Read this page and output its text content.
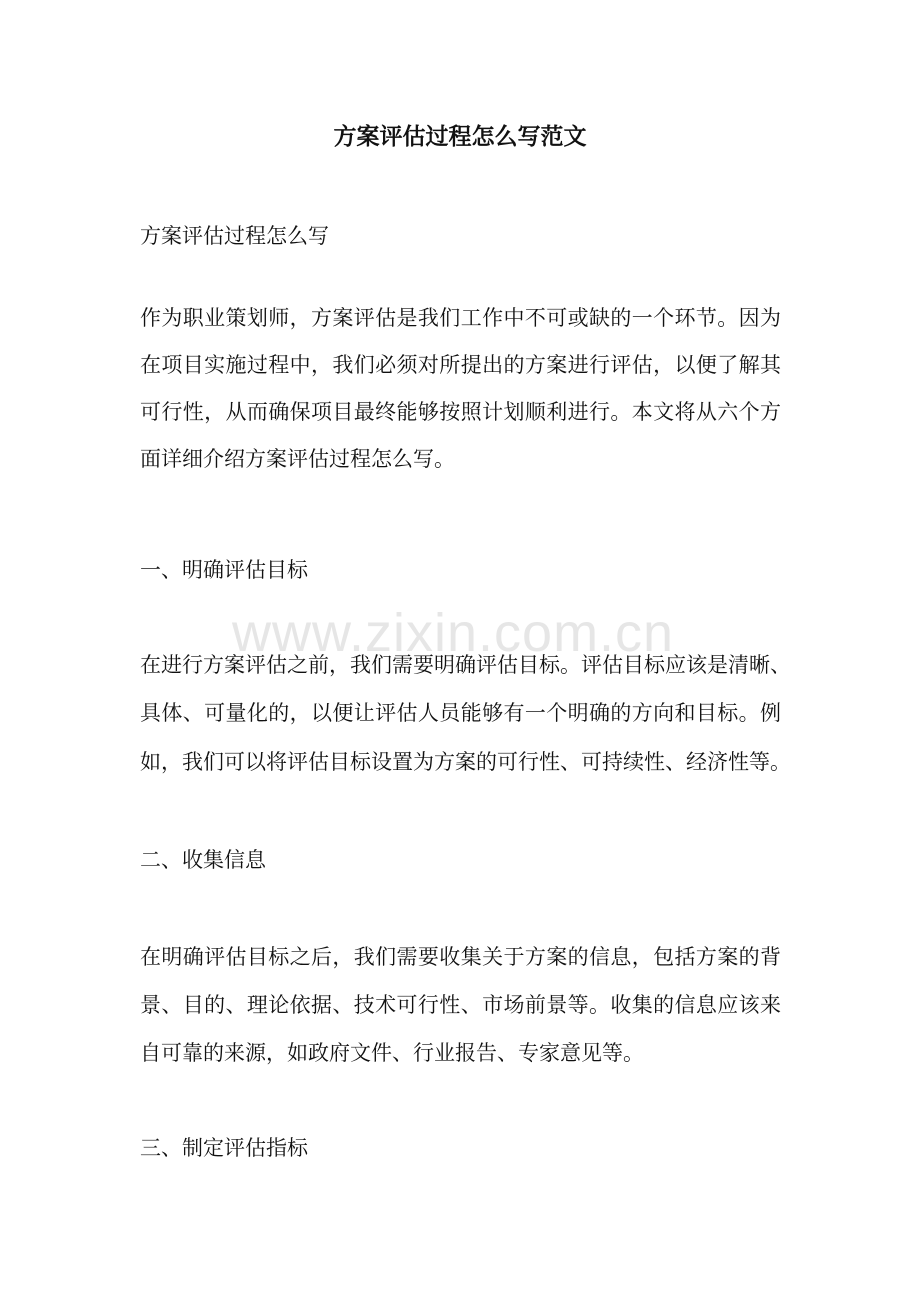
www.zixin.com.cn
方案评估过程怎么写范文
方案评估过程怎么写
作为职业策划师，方案评估是我们工作中不可或缺的一个环节。因为
在项目实施过程中，我们必须对所提出的方案进行评估，以便了解其
可行性，从而确保项目最终能够按照计划顺利进行。本文将从六个方
面详细介绍方案评估过程怎么写。
一、明确评估目标
在进行方案评估之前，我们需要明确评估目标。评估目标应该是清晰、
具体、可量化的，以便让评估人员能够有一个明确的方向和目标。例
如，我们可以将评估目标设置为方案的可行性、可持续性、经济性等。
二、收集信息
在明确评估目标之后，我们需要收集关于方案的信息，包括方案的背
景、目的、理论依据、技术可行性、市场前景等。收集的信息应该来
自可靠的来源，如政府文件、行业报告、专家意见等。
三、制定评估指标
